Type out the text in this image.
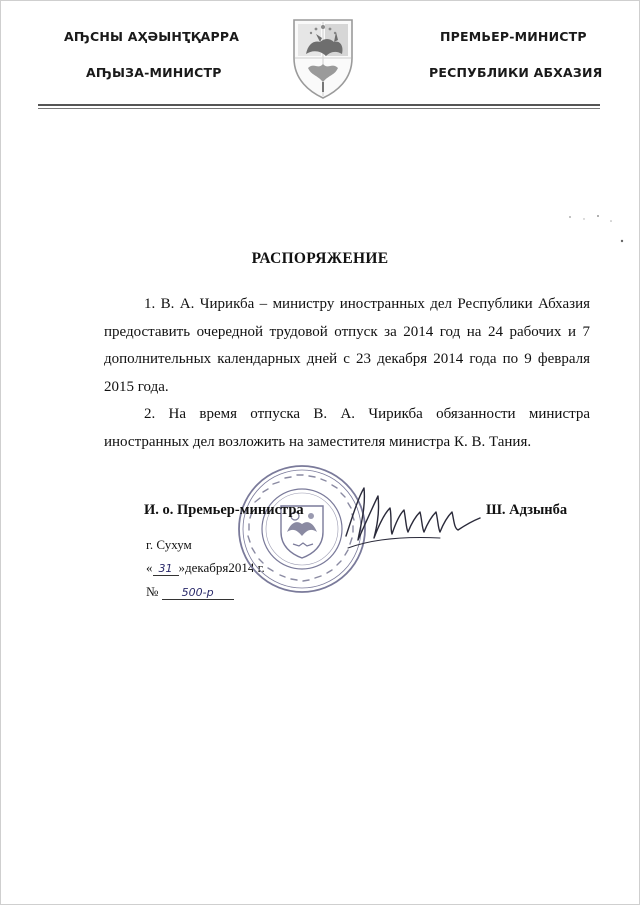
АҦСНЫ АҲӘЫНҬҚАРРА
АҦЫЗА-МИНИСТР
ПРЕМЬЕР-МИНИСТР
РЕСПУБЛИКИ АБХАЗИЯ
РАСПОРЯЖЕНИЕ

1. В. А. Чирикба – министру иностранных дел Республики Абхазия предоставить очередной трудовой отпуск за 2014 год на 24 рабочих и 7 дополнительных календарных дней с 23 декабря 2014 года по 9 февраля 2015 года.

2. На время отпуска В. А. Чирикба обязанности министра иностранных дел возложить на заместителя министра К. В. Тания.

И. о. Премьер-министра	Ш. Адзынба
г. Сухум
« 31 »декабря2014 г.
№ 500-р
